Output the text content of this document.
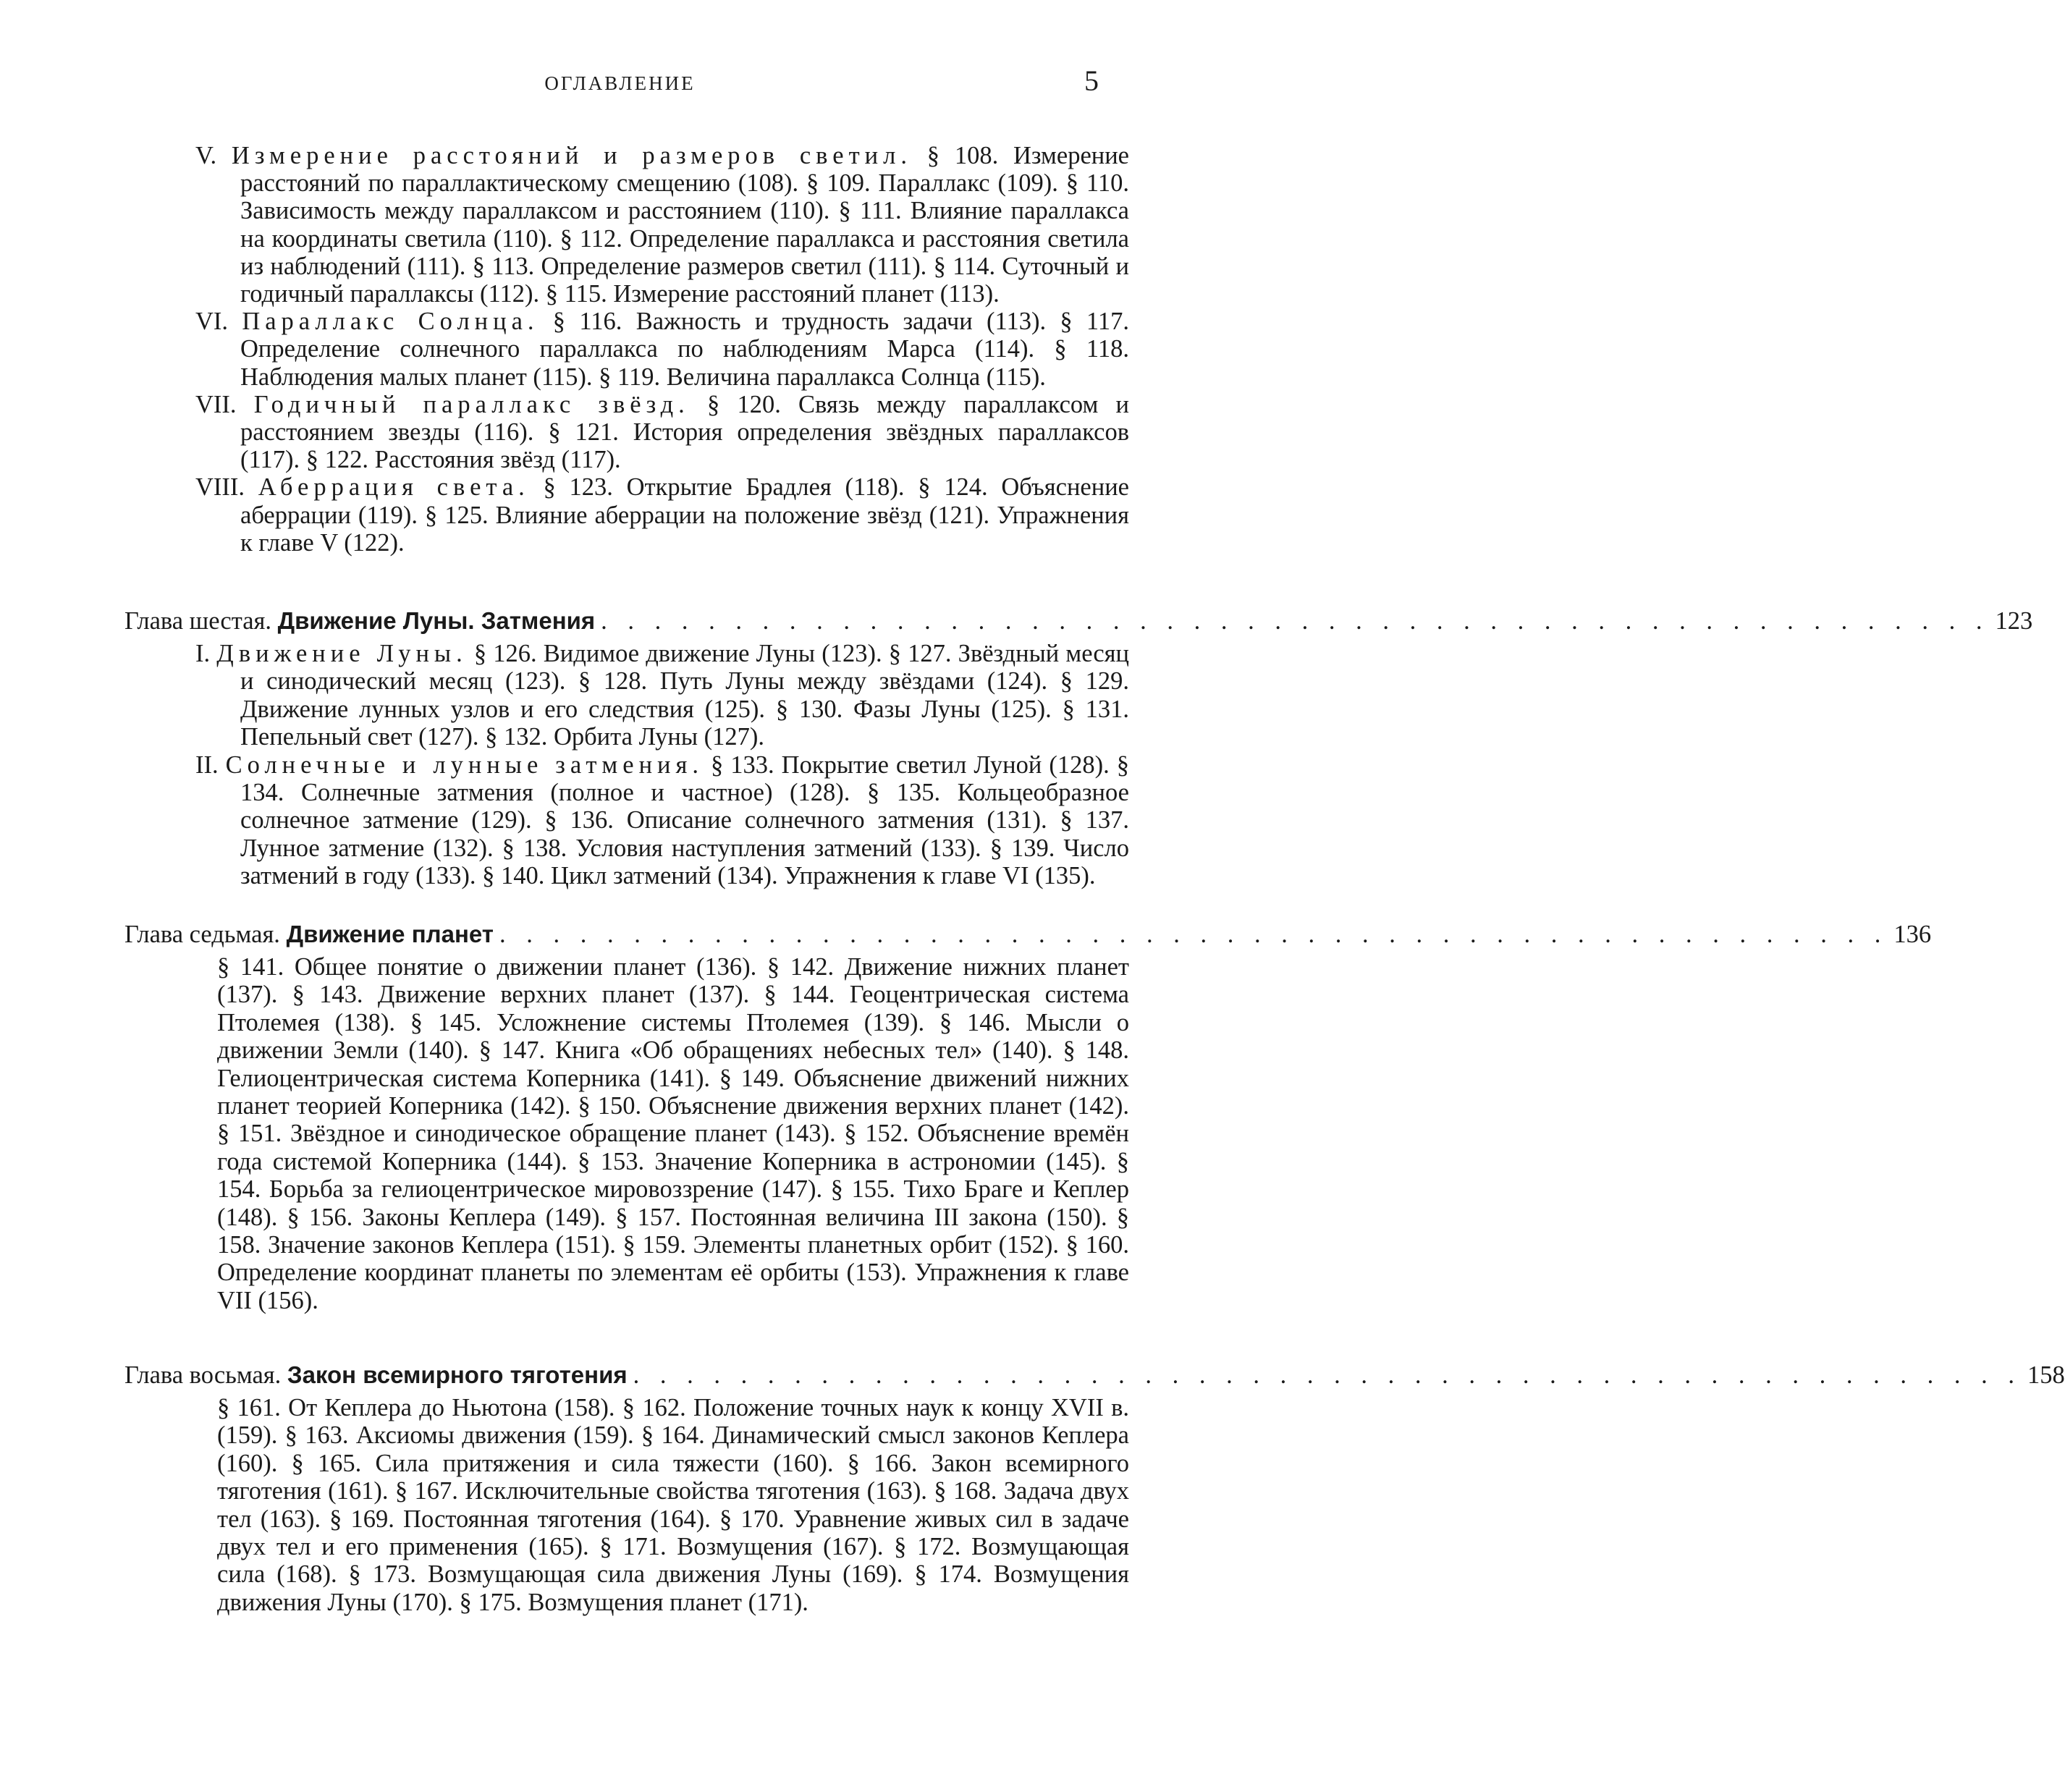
ОГЛАВЛЕНИЕ	5
V. Измерение расстояний и размеров светил. § 108. Измерение расстояний по параллактическому смещению (108). § 109. Параллакс (109). § 110. Зависимость между параллаксом и расстоянием (110). § 111. Влияние параллакса на координаты светила (110). § 112. Определение параллакса и расстояния светила из наблюдений (111). § 113. Определение размеров светил (111). § 114. Суточный и годичный параллаксы (112). § 115. Измерение расстояний планет (113).
VI. Параллакс Солнца. § 116. Важность и трудность задачи (113). § 117. Определение солнечного параллакса по наблюдениям Марса (114). § 118. Наблюдения малых планет (115). § 119. Величина параллакса Солнца (115).
VII. Годичный параллакс звёзд. § 120. Связь между параллаксом и расстоянием звезды (116). § 121. История определения звёздных параллаксов (117). § 122. Расстояния звёзд (117).
VIII. Аберрация света. § 123. Открытие Брадлея (118). § 124. Объяснение аберрации (119). § 125. Влияние аберрации на положение звёзд (121). Упражнения к главе V (122).
Глава шестая. Движение Луны. Затмения . . . . . . . . . . . . . . . . . . . . . . . . . . . . . . . . . . . . . . . . . . . . . . . . . . . . 123
I. Движение Луны. § 126. Видимое движение Луны (123). § 127. Звёздный месяц и синодический месяц (123). § 128. Путь Луны между звёздами (124). § 129. Движение лунных узлов и его следствия (125). § 130. Фазы Луны (125). § 131. Пепельный свет (127). § 132. Орбита Луны (127).
II. Солнечные и лунные затмения. § 133. Покрытие светил Луной (128). § 134. Солнечные затмения (полное и частное) (128). § 135. Кольцеобразное солнечное затмение (129). § 136. Описание солнечного затмения (131). § 137. Лунное затмение (132). § 138. Условия наступления затмений (133). § 139. Число затмений в году (133). § 140. Цикл затмений (134). Упражнения к главе VI (135).
Глава седьмая. Движение планет . . . . . . . . . . . . . . . . . . . . . . . . . . . . . . . . . . . . . . . . . . . . . . . . . . . . 136
§ 141. Общее понятие о движении планет (136). § 142. Движение нижних планет (137). § 143. Движение верхних планет (137). § 144. Геоцентрическая система Птолемея (138). § 145. Усложнение системы Птолемея (139). § 146. Мысли о движении Земли (140). § 147. Книга «Об обращениях небесных тел» (140). § 148. Гелиоцентрическая система Коперника (141). § 149. Объяснение движений нижних планет теорией Коперника (142). § 150. Объяснение движения верхних планет (142). § 151. Звёздное и синодическое обращение планет (143). § 152. Объяснение времён года системой Коперника (144). § 153. Значение Коперника в астрономии (145). § 154. Борьба за гелиоцентрическое мировоззрение (147). § 155. Тихо Браге и Кеплер (148). § 156. Законы Кеплера (149). § 157. Постоянная величина III закона (150). § 158. Значение законов Кеплера (151). § 159. Элементы планетных орбит (152). § 160. Определение координат планеты по элементам её орбиты (153). Упражнения к главе VII (156).
Глава восьмая. Закон всемирного тяготения . . . . . . . . . . . . . . . . . . . . . . . . . . . . . . . . . . . . . . . . . . . . . . . . . . . . 158
§ 161. От Кеплера до Ньютона (158). § 162. Положение точных наук к концу XVII в. (159). § 163. Аксиомы движения (159). § 164. Динамический смысл законов Кеплера (160). § 165. Сила притяжения и сила тяжести (160). § 166. Закон всемирного тяготения (161). § 167. Исключительные свойства тяготения (163). § 168. Задача двух тел (163). § 169. Постоянная тяготения (164). § 170. Уравнение живых сил в задаче двух тел и его применения (165). § 171. Возмущения (167). § 172. Возмущающая сила (168). § 173. Возмущающая сила движения Луны (169). § 174. Возмущения движения Луны (170). § 175. Возмущения планет (171).
